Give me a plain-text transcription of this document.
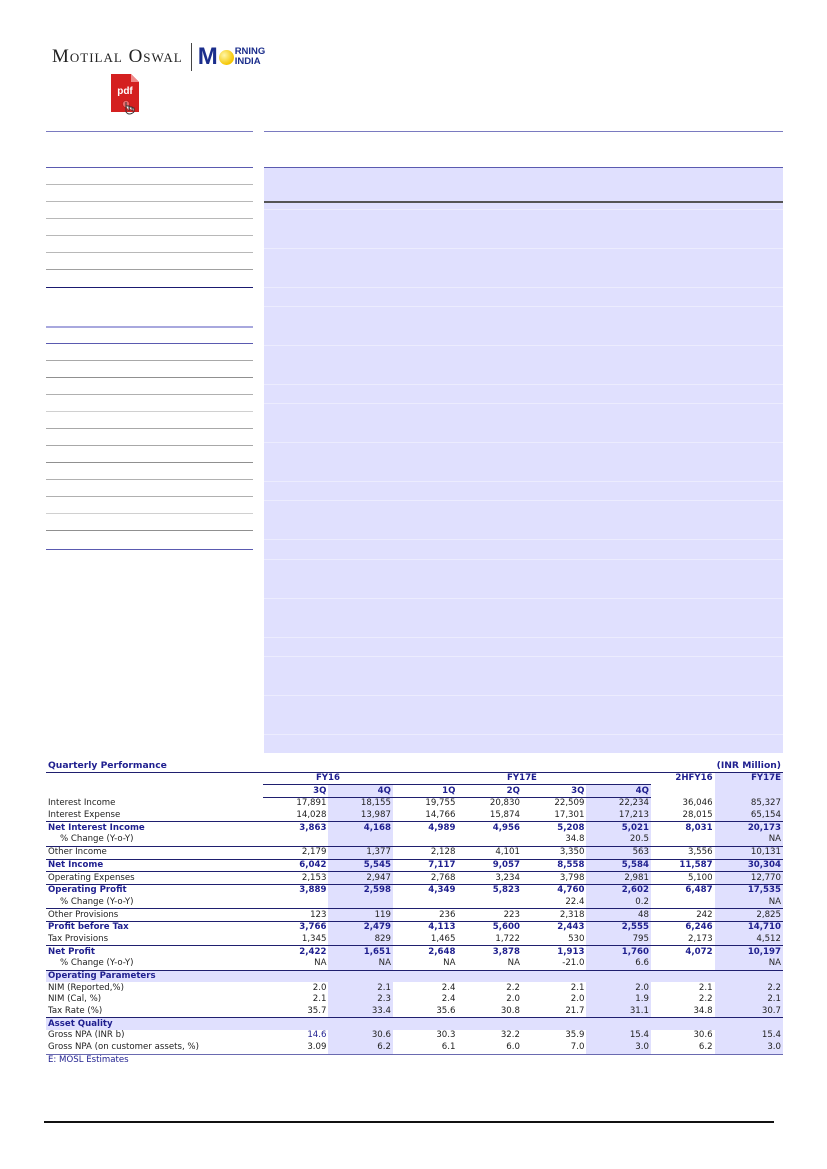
Motilal Oswal M RNING
INDIA
pdf
Quarterly Performance								(INR Million)
	FY16		FY17E				2HFY16	FY17E
	3Q	4Q	1Q	2Q	3Q	4Q		
Interest Income	17,891	18,155	19,755	20,830	22,509	22,234	36,046	85,327
Interest Expense	14,028	13,987	14,766	15,874	17,301	17,213	28,015	65,154
Net Interest Income	3,863	4,168	4,989	4,956	5,208	5,021	8,031	20,173
% Change (Y-o-Y)					34.8	20.5		NA
Other Income	2,179	1,377	2,128	4,101	3,350	563	3,556	10,131
Net Income	6,042	5,545	7,117	9,057	8,558	5,584	11,587	30,304
Operating Expenses	2,153	2,947	2,768	3,234	3,798	2,981	5,100	12,770
Operating Profit	3,889	2,598	4,349	5,823	4,760	2,602	6,487	17,535
% Change (Y-o-Y)					22.4	0.2		NA
Other Provisions	123	119	236	223	2,318	48	242	2,825
Profit before Tax	3,766	2,479	4,113	5,600	2,443	2,555	6,246	14,710
Tax Provisions	1,345	829	1,465	1,722	530	795	2,173	4,512
Net Profit	2,422	1,651	2,648	3,878	1,913	1,760	4,072	10,197
% Change (Y-o-Y)	NA	NA	NA	NA	-21.0	6.6		NA
Operating Parameters								
NIM (Reported,%)	2.0	2.1	2.4	2.2	2.1	2.0	2.1	2.2
NIM (Cal, %)	2.1	2.3	2.4	2.0	2.0	1.9	2.2	2.1
Tax Rate (%)	35.7	33.4	35.6	30.8	21.7	31.1	34.8	30.7
Asset Quality								
Gross NPA (INR b)	14.6	30.6	30.3	32.2	35.9	15.4	30.6	15.4
Gross NPA (on customer assets, %)	3.09	6.2	6.1	6.0	7.0	3.0	6.2	3.0
E: MOSL Estimates								
